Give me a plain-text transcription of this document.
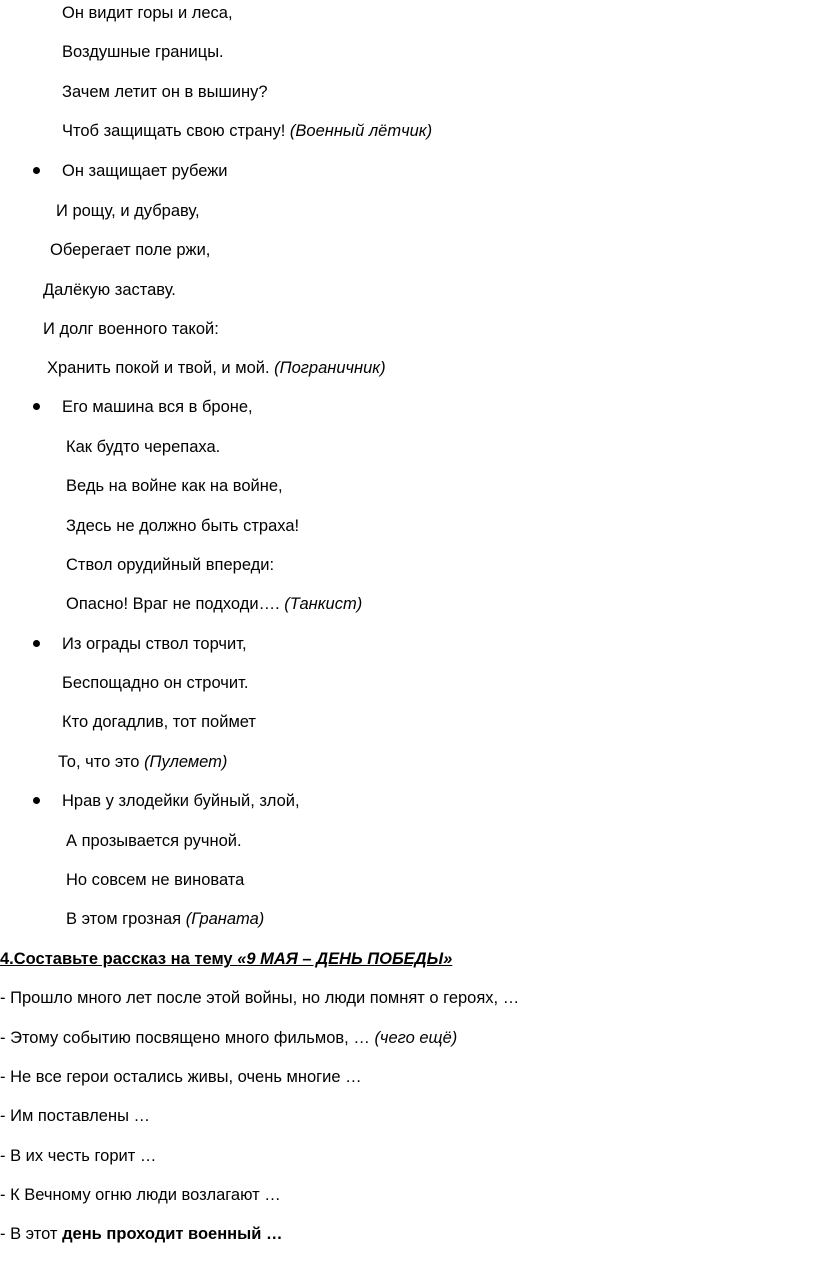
Он видит горы и леса,
Воздушные границы.
Зачем летит он в вышину?
Чтоб защищать свою страну! (Военный лётчик)
Он защищает рубежи
И рощу, и дубраву,
Оберегает поле ржи,
Далёкую заставу.
И долг военного такой:
Хранить покой и твой, и мой. (Пограничник)
Его машина вся в броне,
Как будто черепаха.
Ведь на войне как на войне,
Здесь не должно быть страха!
Ствол орудийный впереди:
Опасно! Враг не подходи…. (Танкист)
Из ограды ствол торчит,
Беспощадно он строчит.
Кто догадлив, тот поймет
То, что это (Пулемет)
Нрав у злодейки буйный, злой,
А прозывается ручной.
Но совсем не виновата
В этом грозная (Граната)
4.Составьте рассказ на тему «9 МАЯ – ДЕНЬ ПОБЕДЫ»
- Прошло много лет после этой войны, но люди помнят о героях, …
- Этому событию посвящено много фильмов, … (чего ещё)
- Не все герои остались живы, очень многие …
- Им поставлены …
- В их честь горит …
- К Вечному огню люди возлагают …
- В этот день проходит военный …
